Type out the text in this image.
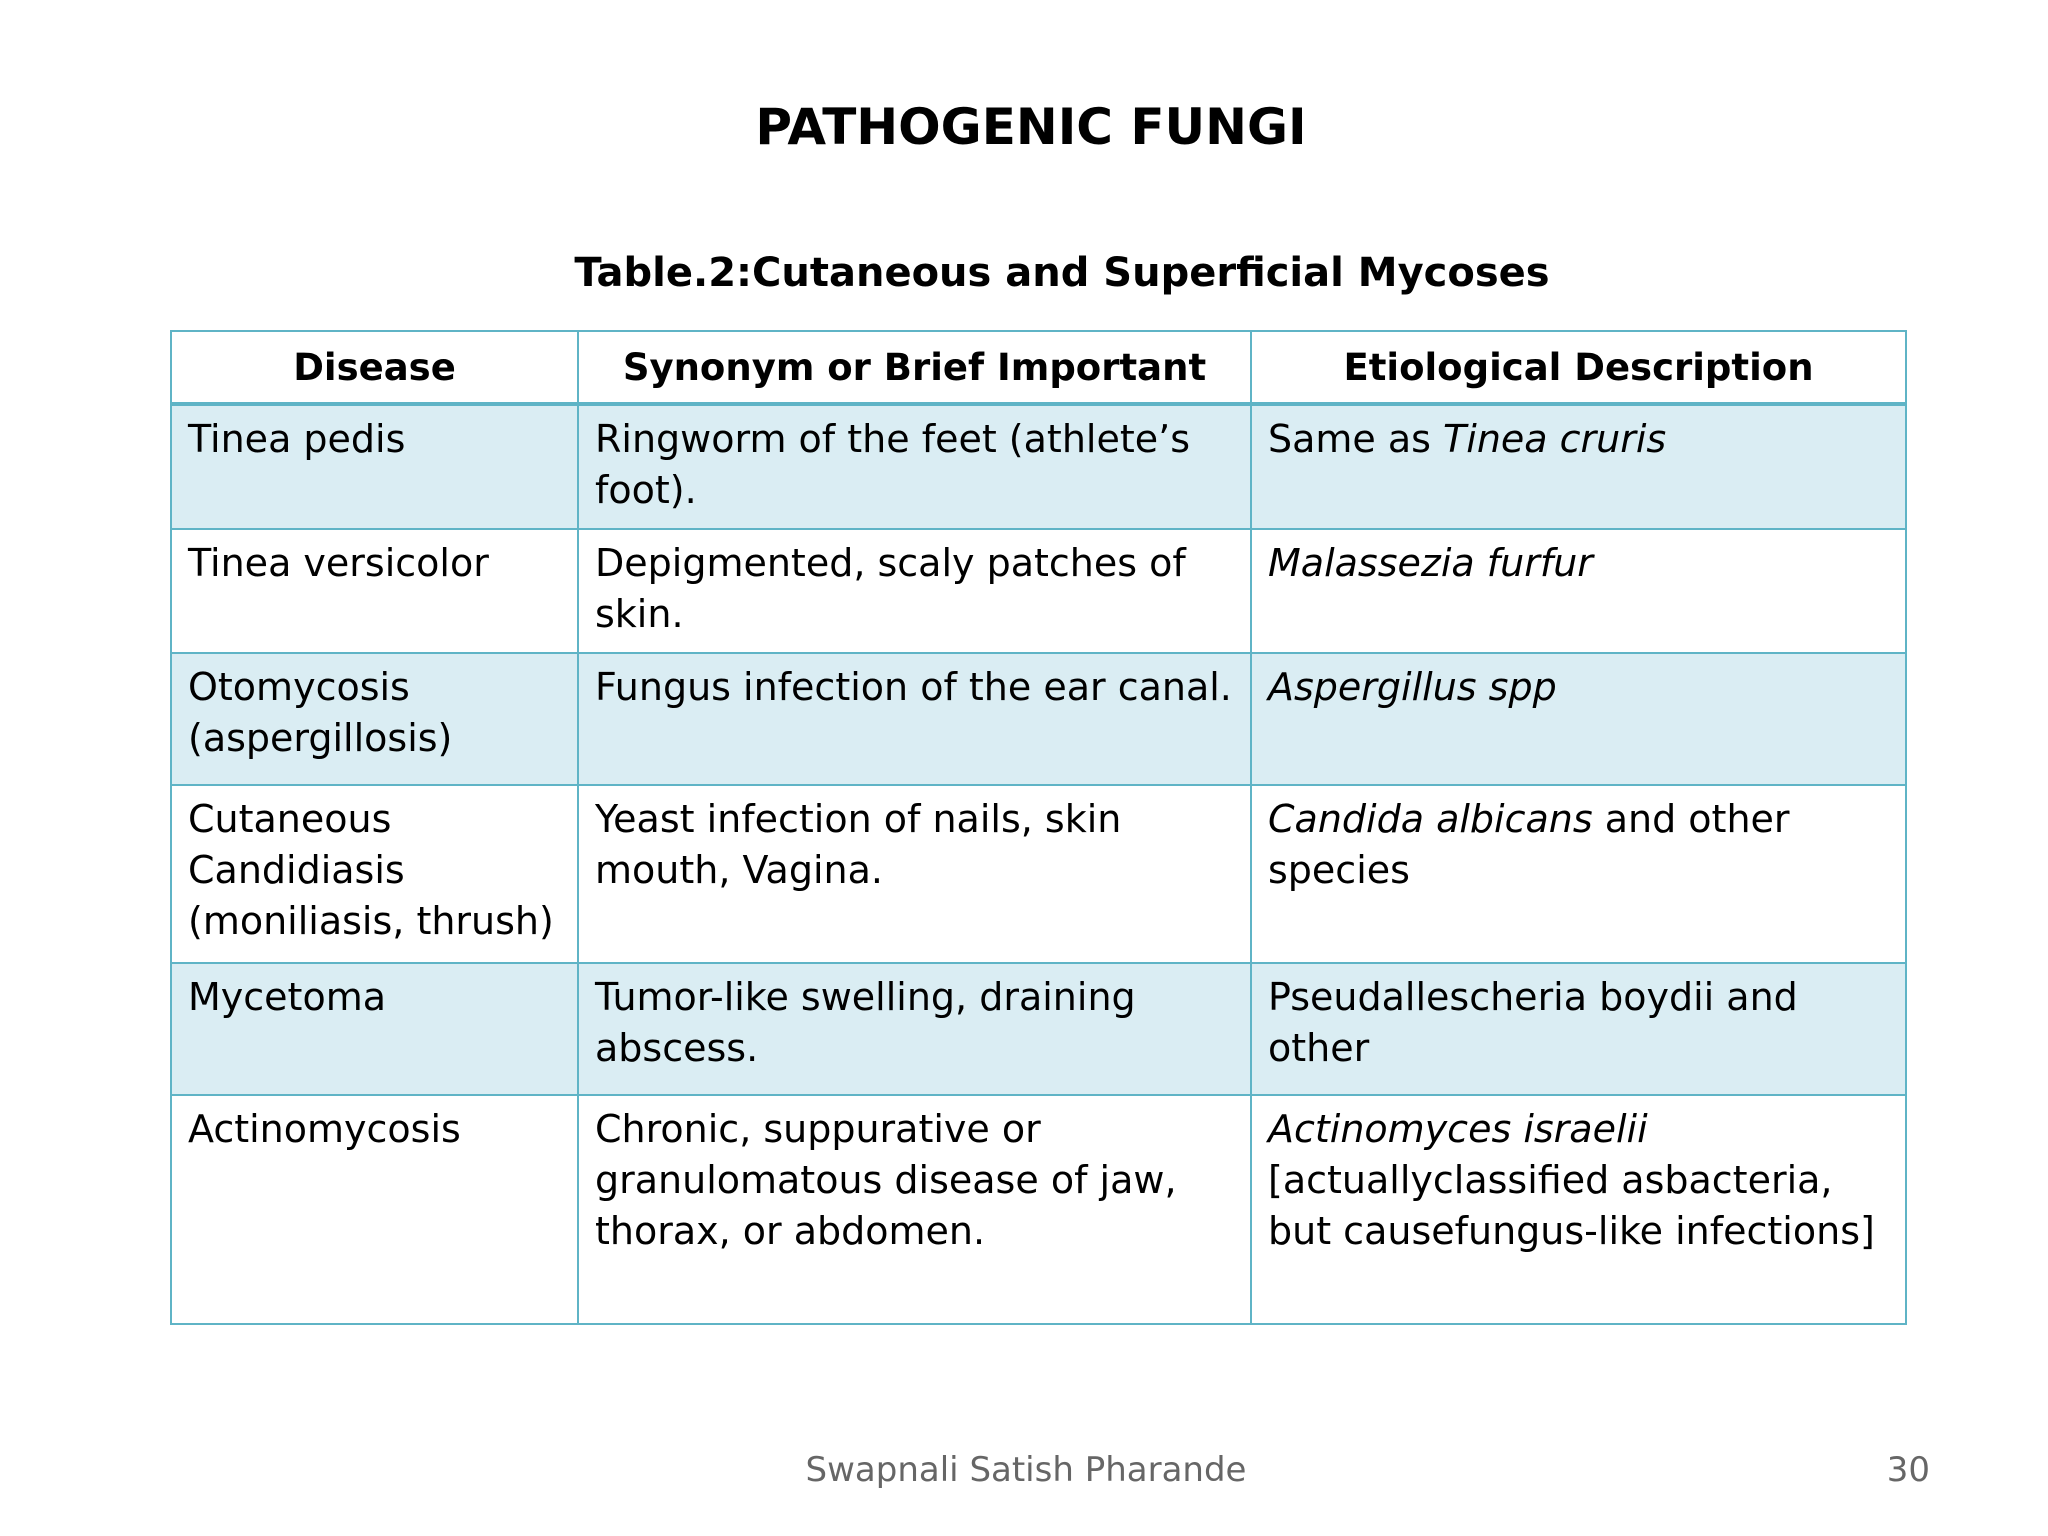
PATHOGENIC FUNGI
Table.2:Cutaneous and Superficial Mycoses
Disease	Synonym or Brief Important	Etiological Description
Tinea pedis	Ringworm of the feet (athlete’s foot).	Same as Tinea cruris
Tinea versicolor	Depigmented, scaly patches of skin.	Malassezia furfur
Otomycosis (aspergillosis)	Fungus infection of the ear canal.	Aspergillus spp
Cutaneous Candidiasis (moniliasis, thrush)	Yeast infection of nails, skin mouth, Vagina.	Candida albicans and other species
Mycetoma	Tumor-like swelling, draining abscess.	Pseudallescheria boydii and other
Actinomycosis	Chronic, suppurative or granulomatous disease of jaw, thorax, or abdomen.	Actinomyces israelii [actuallyclassified asbacteria, but causefungus-like infections]
Swapnali Satish Pharande	30
